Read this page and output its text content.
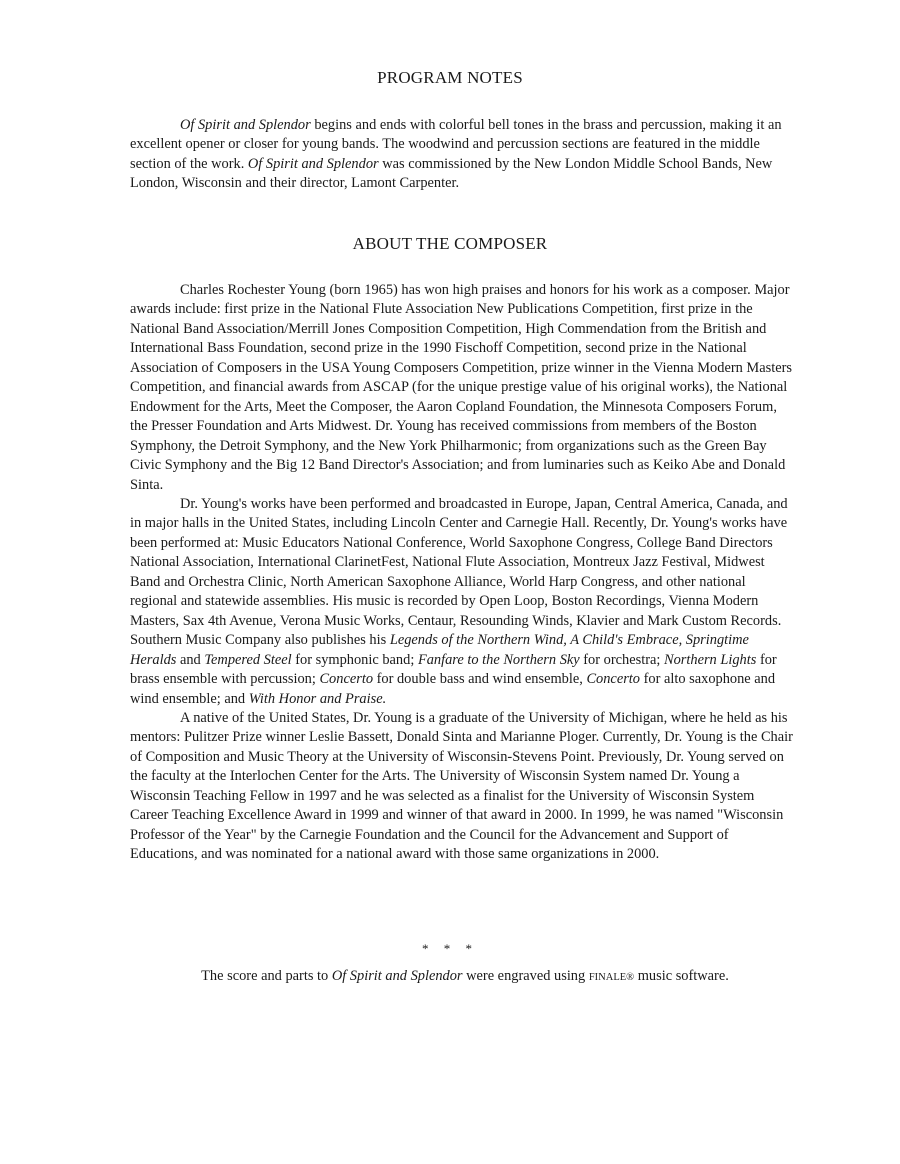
PROGRAM NOTES

Of Spirit and Splendor begins and ends with colorful bell tones in the brass and percussion, making it an excellent opener or closer for young bands. The woodwind and percussion sections are featured in the middle section of the work. Of Spirit and Splendor was commissioned by the New London Middle School Bands, New London, Wisconsin and their director, Lamont Carpenter.

ABOUT THE COMPOSER

Charles Rochester Young (born 1965) has won high praises and honors for his work as a composer. Major awards include: first prize in the National Flute Association New Publications Competition, first prize in the National Band Association/Merrill Jones Composition Competition, High Commendation from the British and International Bass Foundation, second prize in the 1990 Fischoff Competition, second prize in the National Association of Composers in the USA Young Composers Competition, prize winner in the Vienna Modern Masters Competition, and financial awards from ASCAP (for the unique prestige value of his original works), the National Endowment for the Arts, Meet the Composer, the Aaron Copland Foundation, the Minnesota Composers Forum, the Presser Foundation and Arts Midwest. Dr. Young has received commissions from members of the Boston Symphony, the Detroit Symphony, and the New York Philharmonic; from organizations such as the Green Bay Civic Symphony and the Big 12 Band Director's Association; and from luminaries such as Keiko Abe and Donald Sinta.

Dr. Young's works have been performed and broadcasted in Europe, Japan, Central America, Canada, and in major halls in the United States, including Lincoln Center and Carnegie Hall. Recently, Dr. Young's works have been performed at: Music Educators National Conference, World Saxophone Congress, College Band Directors National Association, International ClarinetFest, National Flute Association, Montreux Jazz Festival, Midwest Band and Orchestra Clinic, North American Saxophone Alliance, World Harp Congress, and other national regional and statewide assemblies. His music is recorded by Open Loop, Boston Recordings, Vienna Modern Masters, Sax 4th Avenue, Verona Music Works, Centaur, Resounding Winds, Klavier and Mark Custom Records. Southern Music Company also publishes his Legends of the Northern Wind, A Child's Embrace, Springtime Heralds and Tempered Steel for symphonic band; Fanfare to the Northern Sky for orchestra; Northern Lights for brass ensemble with percussion; Concerto for double bass and wind ensemble, Concerto for alto saxophone and wind ensemble; and With Honor and Praise.

A native of the United States, Dr. Young is a graduate of the University of Michigan, where he held as his mentors: Pulitzer Prize winner Leslie Bassett, Donald Sinta and Marianne Ploger. Currently, Dr. Young is the Chair of Composition and Music Theory at the University of Wisconsin-Stevens Point. Previously, Dr. Young served on the faculty at the Interlochen Center for the Arts. The University of Wisconsin System named Dr. Young a Wisconsin Teaching Fellow in 1997 and he was selected as a finalist for the University of Wisconsin System Career Teaching Excellence Award in 1999 and winner of that award in 2000. In 1999, he was named "Wisconsin Professor of the Year" by the Carnegie Foundation and the Council for the Advancement and Support of Educations, and was nominated for a national award with those same organizations in 2000.

* * *
The score and parts to Of Spirit and Splendor were engraved using FINALE® music software.
